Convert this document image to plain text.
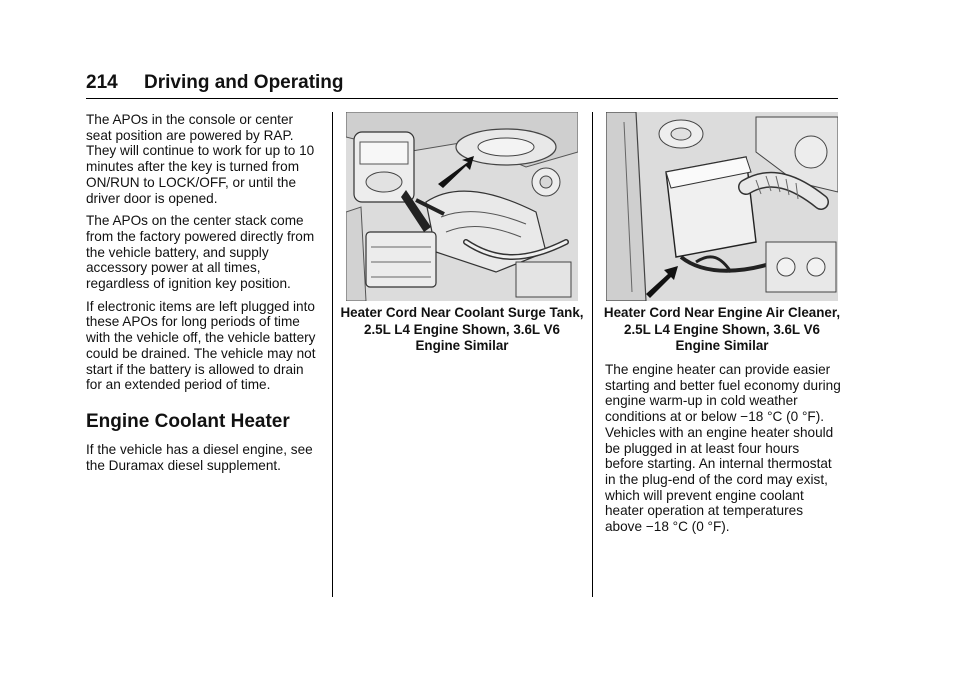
214 Driving and Operating

The APOs in the console or center seat position are powered by RAP. They will continue to work for up to 10 minutes after the key is turned from ON/RUN to LOCK/OFF, or until the driver door is opened.

The APOs on the center stack come from the factory powered directly from the vehicle battery, and supply accessory power at all times, regardless of ignition key position.

If electronic items are left plugged into these APOs for long periods of time with the vehicle off, the vehicle battery could be drained. The vehicle may not start if the battery is allowed to drain for an extended period of time.

Engine Coolant Heater

If the vehicle has a diesel engine, see the Duramax diesel supplement.

Heater Cord Near Coolant Surge Tank, 2.5L L4 Engine Shown, 3.6L V6 Engine Similar
Heater Cord Near Engine Air Cleaner, 2.5L L4 Engine Shown, 3.6L V6 Engine Similar

The engine heater can provide easier starting and better fuel economy during engine warm-up in cold weather conditions at or below −18 °C (0 °F). Vehicles with an engine heater should be plugged in at least four hours before starting. An internal thermostat in the plug-end of the cord may exist, which will prevent engine coolant heater operation at temperatures above −18 °C (0 °F).
